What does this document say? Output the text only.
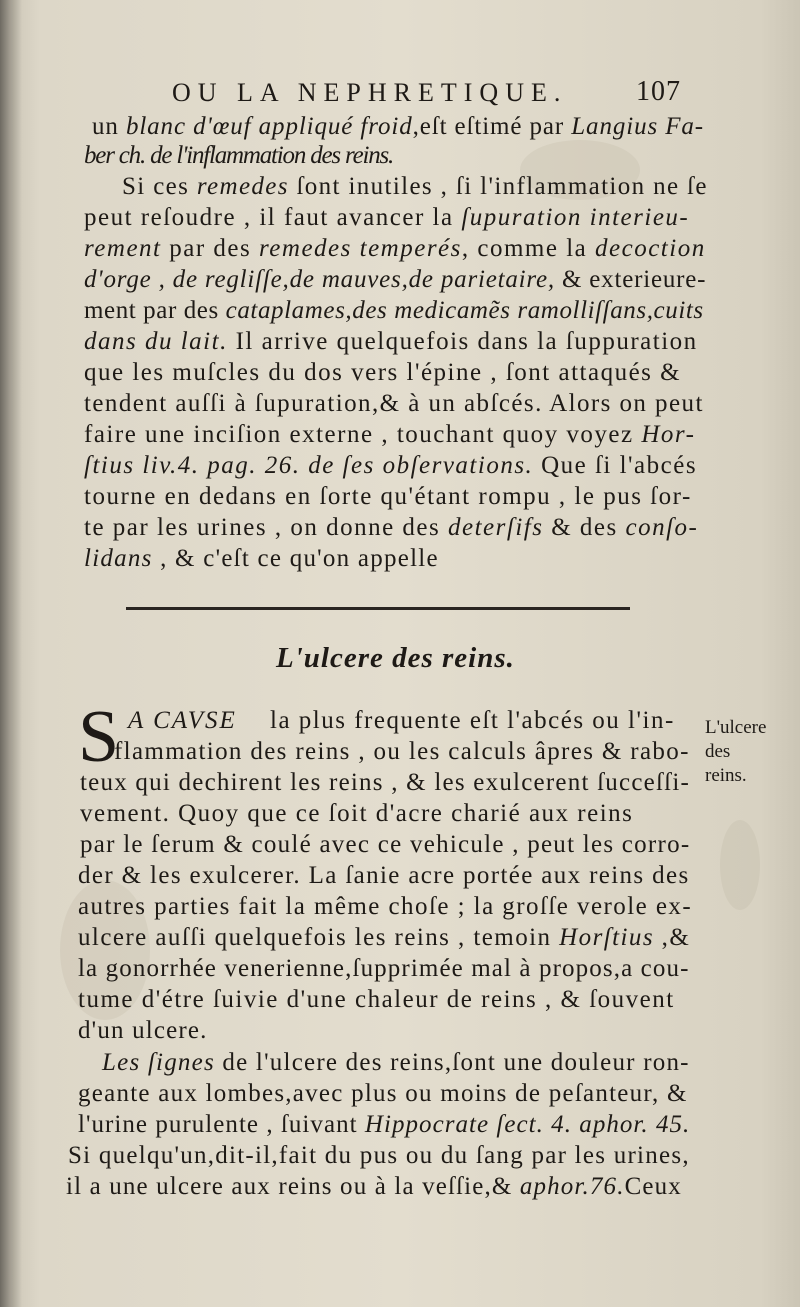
OU LA NEPHRETIQUE. 107
un blanc d'œuf appliqué froid,eſt eſtimé par Langius Fa-
ber ch. de l'inflammation des reins.
Si ces remedes ſont inutiles , ſi l'inflammation ne ſe
peut reſoudre , il faut avancer la ſupuration interieu-
rement par des remedes temperés, comme la decoction
d'orge , de regliſſe,de mauves,de parietaire, & exterieure-
ment par des cataplames,des medicamẽs ramolliſſans,cuits
dans du lait. Il arrive quelquefois dans la ſuppuration
que les muſcles du dos vers l'épine , ſont attaqués &
tendent auſſi à ſupuration,& à un abſcés. Alors on peut
faire une inciſion externe , touchant quoy voyez Hor-
ſtius liv.4. pag. 26. de ſes obſervations. Que ſi l'abcés
tourne en dedans en ſorte qu'étant rompu , le pus ſor-
te par les urines , on donne des deterſifs & des conſo-
lidans , & c'eſt ce qu'on appelle
A CAVSE la plus frequente eſt l'abcés ou l'in-
flammation des reins , ou les calculs âpres & rabo-
teux qui dechirent les reins , & les exulcerent ſucceſſi-
vement. Quoy que ce ſoit d'acre charié aux reins
par le ſerum & coulé avec ce vehicule , peut les corro-
der & les exulcerer. La ſanie acre portée aux reins des
autres parties fait la même choſe ; la groſſe verole ex-
ulcere auſſi quelquefois les reins , temoin Horſtius ,&
la gonorrhée venerienne,ſupprimée mal à propos,a cou-
tume d'étre ſuivie d'une chaleur de reins , & ſouvent
d'un ulcere.
Les ſignes de l'ulcere des reins,ſont une douleur ron-
geante aux lombes,avec plus ou moins de peſanteur, &
l'urine purulente , ſuivant Hippocrate ſect. 4. aphor. 45.
Si quelqu'un,dit-il,fait du pus ou du ſang par les urines,
il a une ulcere aux reins ou à la veſſie,& aphor.76.Ceux
L'ulcere des reins.
S	L'ulcere
des
reins.
